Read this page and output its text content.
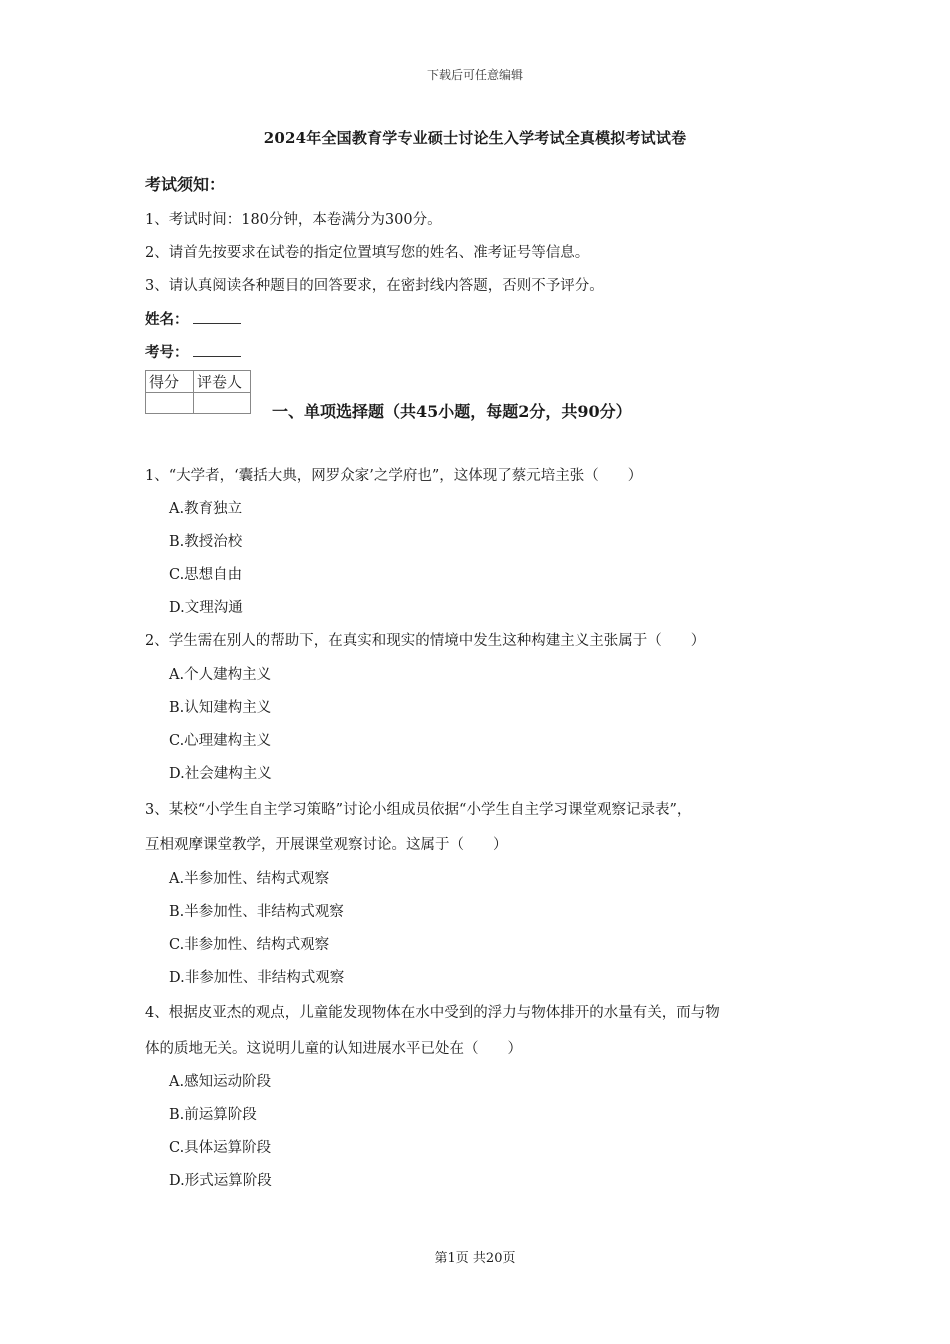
下载后可任意编辑
2024年全国教育学专业硕士讨论生入学考试全真模拟考试试卷
考试须知：
1、考试时间：180分钟，本卷满分为300分。
2、请首先按要求在试卷的指定位置填写您的姓名、准考证号等信息。
3、请认真阅读各种题目的回答要求，在密封线内答题，否则不予评分。
姓名：
考号：
得分	评卷人

一、单项选择题（共45小题，每题2分，共90分）
1、“大学者，‘囊括大典，网罗众家’之学府也”，这体现了蔡元培主张（　　）
A.教育独立
B.教授治校
C.思想自由
D.文理沟通
2、学生需在别人的帮助下，在真实和现实的情境中发生这种构建主义主张属于（　　）
A.个人建构主义
B.认知建构主义
C.心理建构主义
D.社会建构主义
3、某校“小学生自主学习策略”讨论小组成员依据“小学生自主学习课堂观察记录表”，
互相观摩课堂教学，开展课堂观察讨论。这属于（　　）
A.半参加性、结构式观察
B.半参加性、非结构式观察
C.非参加性、结构式观察
D.非参加性、非结构式观察
4、根据皮亚杰的观点，儿童能发现物体在水中受到的浮力与物体排开的水量有关，而与物
体的质地无关。这说明儿童的认知进展水平已处在（　　）
A.感知运动阶段
B.前运算阶段
C.具体运算阶段
D.形式运算阶段
第1页 共20页
